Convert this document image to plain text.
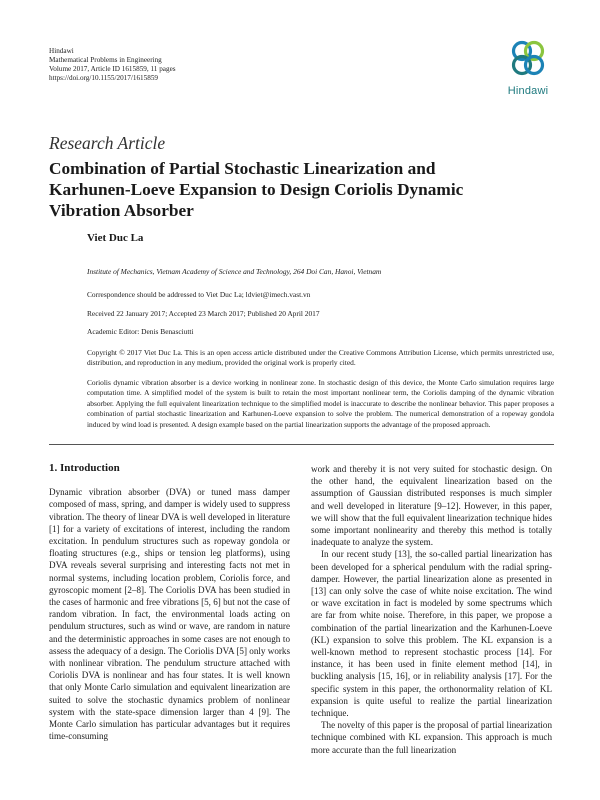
Hindawi
Mathematical Problems in Engineering
Volume 2017, Article ID 1615859, 11 pages
https://doi.org/10.1155/2017/1615859
Hindawi
Research Article
Combination of Partial Stochastic Linearization and Karhunen-Loeve Expansion to Design Coriolis Dynamic Vibration Absorber
Viet Duc La
Institute of Mechanics, Vietnam Academy of Science and Technology, 264 Doi Can, Hanoi, Vietnam
Correspondence should be addressed to Viet Duc La; ldviet@imech.vast.vn
Received 22 January 2017; Accepted 23 March 2017; Published 20 April 2017
Academic Editor: Denis Benasciutti
Copyright © 2017 Viet Duc La. This is an open access article distributed under the Creative Commons Attribution License, which permits unrestricted use, distribution, and reproduction in any medium, provided the original work is properly cited.
Coriolis dynamic vibration absorber is a device working in nonlinear zone. In stochastic design of this device, the Monte Carlo simulation requires large computation time. A simplified model of the system is built to retain the most important nonlinear term, the Coriolis damping of the dynamic vibration absorber. Applying the full equivalent linearization technique to the simplified model is inaccurate to describe the nonlinear behavior. This paper proposes a combination of partial stochastic linearization and Karhunen-Loeve expansion to solve the problem. The numerical demonstration of a ropeway gondola induced by wind load is presented. A design example based on the partial linearization supports the advantage of the proposed approach.
1. Introduction

Dynamic vibration absorber (DVA) or tuned mass damper composed of mass, spring, and damper is widely used to suppress vibration. The theory of linear DVA is well developed in literature [1] for a variety of excitations of interest, including the random excitation. In pendulum structures such as ropeway gondola or floating structures (e.g., ships or tension leg platforms), using DVA reveals several surprising and interesting facts not met in normal systems, including location problem, Coriolis force, and gyroscopic moment [2–8]. The Coriolis DVA has been studied in the cases of harmonic and free vibrations [5, 6] but not the case of random vibration. In fact, the environmental loads acting on pendulum structures, such as wind or wave, are random in nature and the deterministic approaches in some cases are not enough to assess the adequacy of a design. The Coriolis DVA [5] only works with nonlinear vibration. The pendulum structure attached with Coriolis DVA is nonlinear and has four states. It is well known that only Monte Carlo simulation and equivalent linearization are suited to solve the stochastic dynamics problem of nonlinear system with the state-space dimension larger than 4 [9]. The Monte Carlo simulation has particular advantages but it requires time-consuming

work and thereby it is not very suited for stochastic design. On the other hand, the equivalent linearization based on the assumption of Gaussian distributed responses is much simpler and well developed in literature [9–12]. However, in this paper, we will show that the full equivalent linearization technique hides some important nonlinearity and thereby this method is totally inadequate to analyze the system.

In our recent study [13], the so-called partial linearization has been developed for a spherical pendulum with the radial spring-damper. However, the partial linearization alone as presented in [13] can only solve the case of white noise excitation. The wind or wave excitation in fact is modeled by some spectrums which are far from white noise. Therefore, in this paper, we propose a combination of the partial linearization and the Karhunen-Loeve (KL) expansion to solve this problem. The KL expansion is a well-known method to represent stochastic process [14]. For instance, it has been used in finite element method [14], in buckling analysis [15, 16], or in reliability analysis [17]. For the specific system in this paper, the orthonormality relation of KL expansion is quite useful to realize the partial linearization technique.

The novelty of this paper is the proposal of partial linearization technique combined with KL expansion. This approach is much more accurate than the full linearization
